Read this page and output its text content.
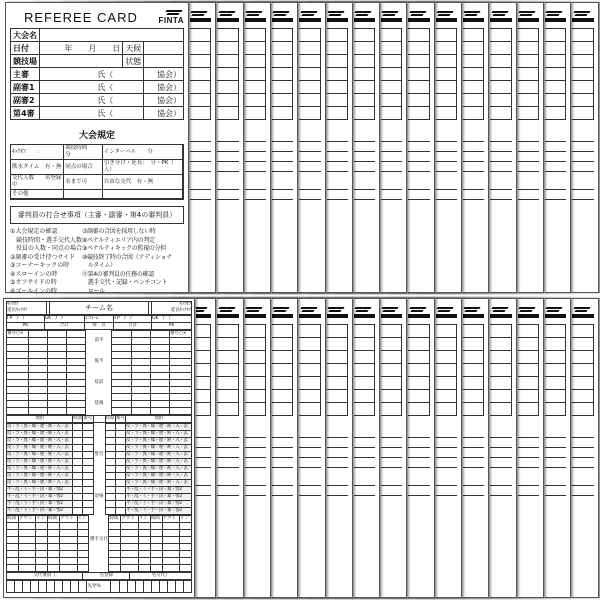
REFEREE CARD	FINTA
大会名			
日付	年　　月　　日	天候	
競技場		状態	
主審	氏（		協会）
副審1	氏（		協会）
副審2	氏（		協会）
第4審	氏（		協会）
大会規定
ｷｯｸｵﾌ　　：	競技時間　　分	インターバル　　分
飲水タイム　有・無	同点の場合	引き分け・延長：　分・PK（　人）
交代人数　　名登録中	名まで可	自由な交代　有・無
その他		
審判員の打合せ事項（主審・副審・第4の審判員）
①大会規定の確認
　競技時間・選手交代人数
　役員の人数・同点の場合
②副審の受け持つサイド
③コーナーキックの時
④スローインの時
⑤オフサイドの時
⑥ゴールインの時
⑦副審の合図を採用しない時
⑧ペナルティエリア内の判定
⑨ペナルティキックの監視の分担
⑩競技終了時の合図（アディショナ
　ルタイム）
⑪第4の審判員の任務の確認
　選手交代・記録・ベンチコント
　ロール
ｷｯｸｵﾌ
延長ｷｯｸｵﾌ		チーム名		ｷｯｸｵﾌ
延長ｷｯｸｵﾌ
FP　/　/	GK　/　/	ﾕﾆﾌｫｰﾑ	FP　/　/	GK　/　/
PK	合計	得　点	合計	PK
番号○×								番号○×
				前半				

				後半				

				延前				

				延後				

理由	時間	番号		時間	番号	理由
反・ラ・異・繰・遅・距・入・去						反・ラ・異・繰・遅・距・入・去
反・ラ・異・繰・遅・距・入・去						反・ラ・異・繰・遅・距・入・去
反・ラ・異・繰・遅・距・入・去						反・ラ・異・繰・遅・距・入・去
反・ラ・異・繰・遅・距・入・去						反・ラ・異・繰・遅・距・入・去
反・ラ・異・繰・遅・距・入・去			警告			反・ラ・異・繰・遅・距・入・去
反・ラ・異・繰・遅・距・入・去						反・ラ・異・繰・遅・距・入・去
反・ラ・異・繰・遅・距・入・去						反・ラ・異・繰・遅・距・入・去
反・ラ・異・繰・遅・距・入・去						反・ラ・異・繰・遅・距・入・去
反・ラ・異・繰・遅・距・入・去						反・ラ・異・繰・遅・距・入・去
不・乱・ぅ・手・決・暴・警2						不・乱・ぅ・手・決・暴・警2
不・乱・ぅ・手・決・暴・警2			退場			不・乱・ぅ・手・決・暴・警2
不・乱・ぅ・手・決・暴・警2						不・乱・ぅ・手・決・暴・警2
不・乱・ぅ・手・決・暴・警2						不・乱・ぅ・手・決・暴・警2
時間	アウト	イン	時間	アウト	イン		時間	アウト	イン	時間	アウト	イン

						選手交代						

交代要員（	名登録	名交代）
										先発%										
